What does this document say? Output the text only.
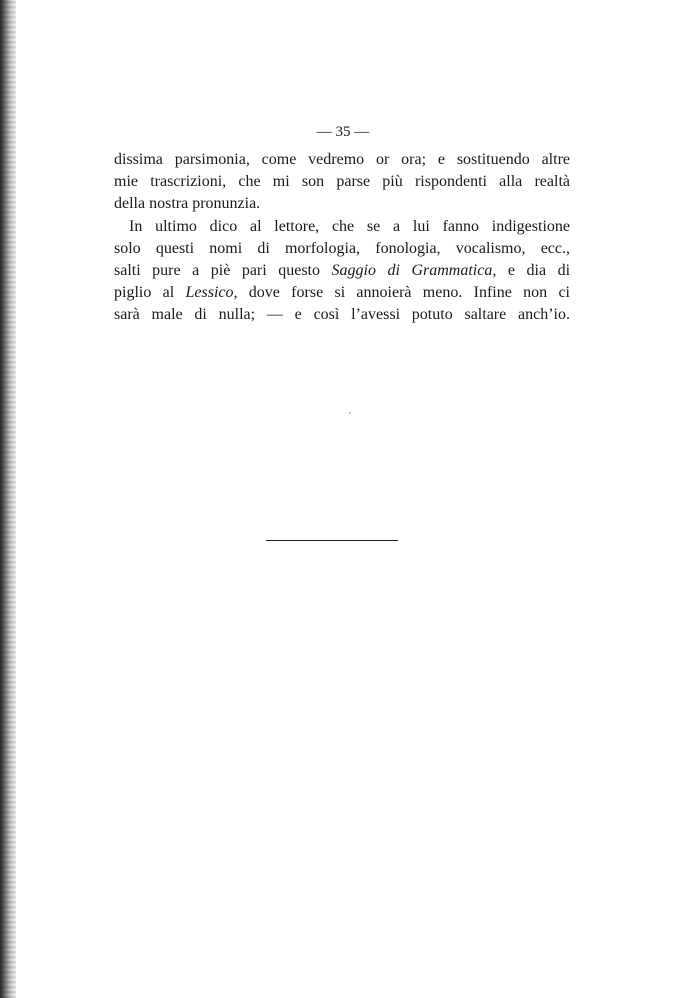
— 35 —

dissima parsimonia, come vedremo or ora; e sostituendo altre
mie trascrizioni, che mi son parse più rispondenti alla realtà
della nostra pronunzia.

In ultimo dico al lettore, che se a lui fanno indigestione
solo questi nomi di morfologia, fonologia, vocalismo, ecc.,
salti pure a piè pari questo Saggio di Grammatica, e dia di
piglio al Lessico, dove forse si annoierà meno. Infine non ci
sarà male di nulla; — e così l’avessi potuto saltare anch’io.
